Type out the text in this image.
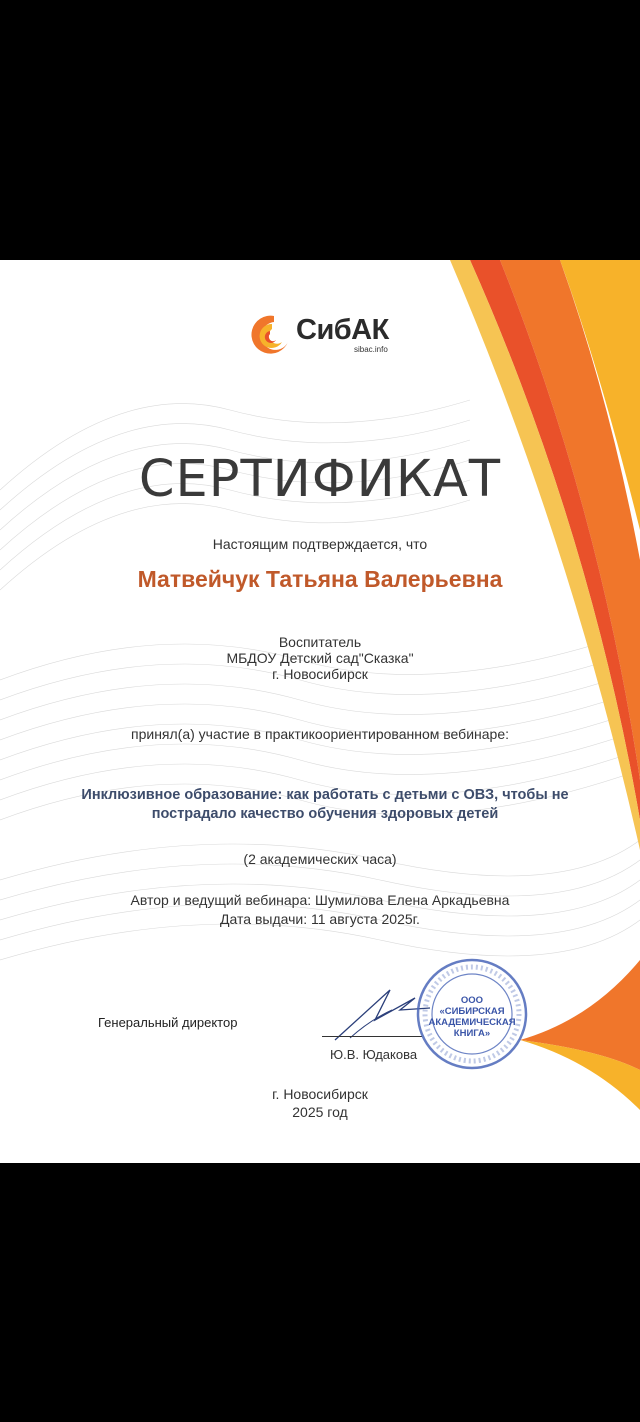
СибАК
sibac.info
СЕРТИФИКАТ
Настоящим подтверждается, что
Матвейчук Татьяна Валерьевна
Воспитатель
МБДОУ Детский сад"Сказка"
г. Новосибирск
принял(а) участие в практикоориентированном вебинаре:
Инклюзивное образование: как работать с детьми с ОВЗ, чтобы не
пострадало качество обучения здоровых детей
(2 академических часа)
Автор и ведущий вебинара: Шумилова Елена Аркадьевна
Дата выдачи: 11 августа 2025г.
Генеральный директор
Ю.В. Юдакова
ООО
«СИБИРСКАЯ
АКАДЕМИЧЕСКАЯ
КНИГА»
г. Новосибирск
2025 год
